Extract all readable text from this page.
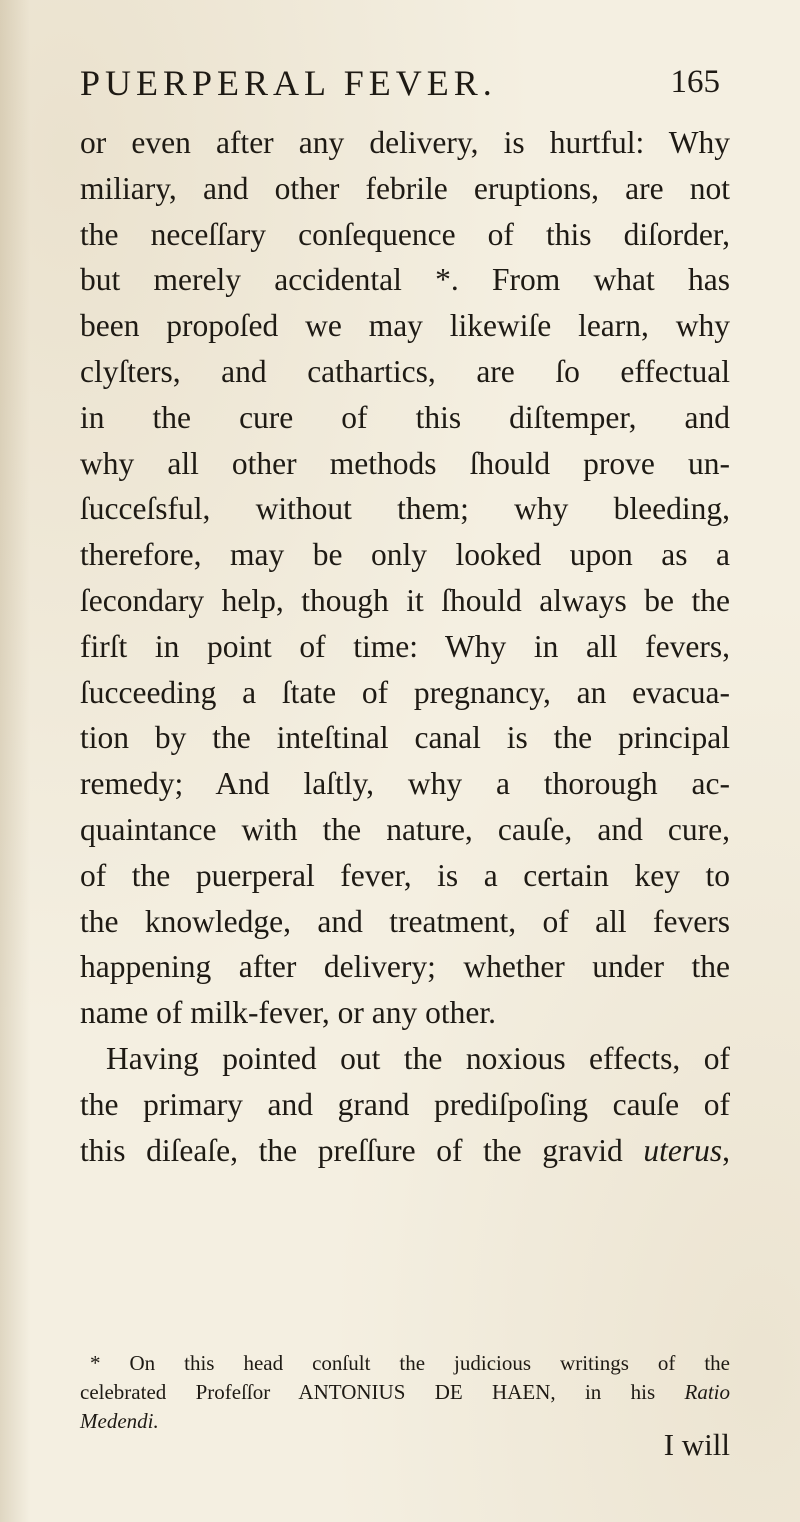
PUERPERAL FEVER.	165
or even after any delivery, is hurtful: Why
miliary, and other febrile eruptions, are not
the neceſſary conſequence of this diſorder,
but merely accidental *. From what has
been propoſed we may likewiſe learn, why
clyſters, and cathartics, are ſo effectual
in the cure of this diſtemper, and
why all other methods ſhould prove un-
ſucceſsful, without them; why bleeding,
therefore, may be only looked upon as a
ſecondary help, though it ſhould always be the
firſt in point of time: Why in all fevers,
ſucceeding a ſtate of pregnancy, an evacua-
tion by the inteſtinal canal is the principal
remedy; And laſtly, why a thorough ac-
quaintance with the nature, cauſe, and cure,
of the puerperal fever, is a certain key to
the knowledge, and treatment, of all fevers
happening after delivery; whether under the
name of milk-fever, or any other.
Having pointed out the noxious effects, of
the primary and grand prediſpoſing cauſe of
this diſeaſe, the preſſure of the gravid uterus,
* On this head conſult the judicious writings of the
celebrated Profeſſor ANTONIUS DE HAEN, in his Ratio
Medendi.
I will
